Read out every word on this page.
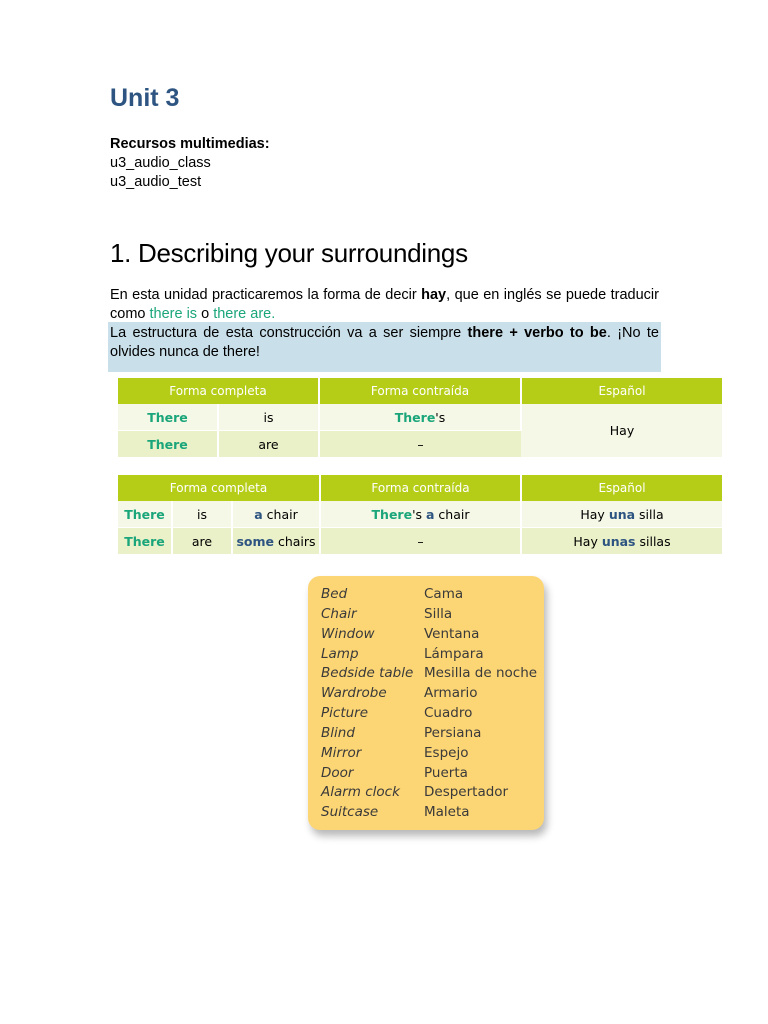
Unit 3
Recursos multimedias:
u3_audio_class
u3_audio_test
1. Describing your surroundings

En esta unidad practicaremos la forma de decir hay, que en inglés se puede traducir como there is o there are.

La estructura de esta construcción va a ser siempre there + verbo to be. ¡No te olvides nunca de there!

Forma completa		Forma contraída	Español
There	is	There's	Hay
There	are	–	
Forma completa			Forma contraída	Español
There	is	a chair	There's a chair	Hay una silla
There	are	some chairs	–	Hay unas sillas
Bed	Cama
Chair	Silla
Window	Ventana
Lamp	Lámpara
Bedside table Mesilla de noche
Wardrobe	Armario
Picture	Cuadro
Blind	Persiana
Mirror	Espejo
Door	Puerta
Alarm clock Despertador
Suitcase	Maleta
